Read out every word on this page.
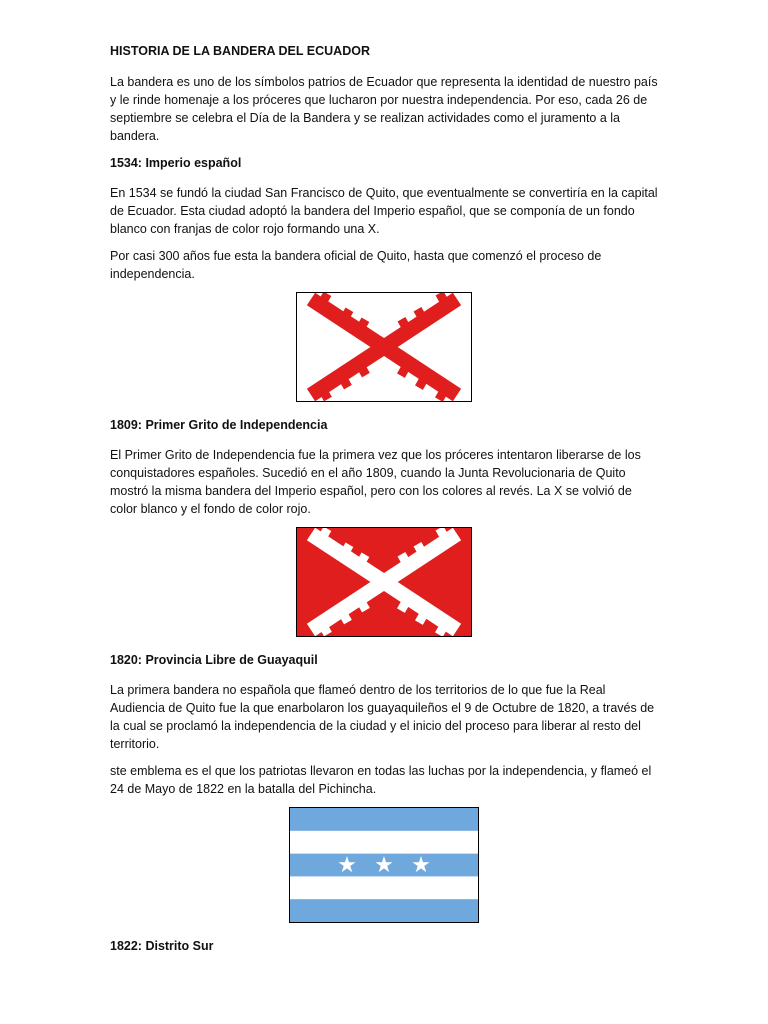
HISTORIA DE LA BANDERA DEL ECUADOR
La bandera es uno de los símbolos patrios de Ecuador que representa la identidad de nuestro país y le rinde homenaje a los próceres que lucharon por nuestra independencia. Por eso, cada 26 de septiembre se celebra el Día de la Bandera y se realizan actividades como el juramento a la bandera.
1534: Imperio español
En 1534 se fundó la ciudad San Francisco de Quito, que eventualmente se convertiría en la capital de Ecuador. Esta ciudad adoptó la bandera del Imperio español, que se componía de un fondo blanco con franjas de color rojo formando una X.
Por casi 300 años fue esta la bandera oficial de Quito, hasta que comenzó el proceso de independencia.
1809: Primer Grito de Independencia
El Primer Grito de Independencia fue la primera vez que los próceres intentaron liberarse de los conquistadores españoles. Sucedió en el año 1809, cuando la Junta Revolucionaria de Quito mostró la misma bandera del Imperio español, pero con los colores al revés. La X se volvió de color blanco y el fondo de color rojo.
1820: Provincia Libre de Guayaquil
La primera bandera no española que flameó dentro de los territorios de lo que fue la Real Audiencia de Quito fue la que enarbolaron los guayaquileños el 9 de Octubre de 1820, a través de la cual se proclamó la independencia de la ciudad y el inicio del proceso para liberar al resto del territorio.
ste emblema es el que los patriotas llevaron en todas las luchas por la independencia, y flameó el 24 de Mayo de 1822 en la batalla del Pichincha.
★ ★ ★
1822: Distrito Sur
